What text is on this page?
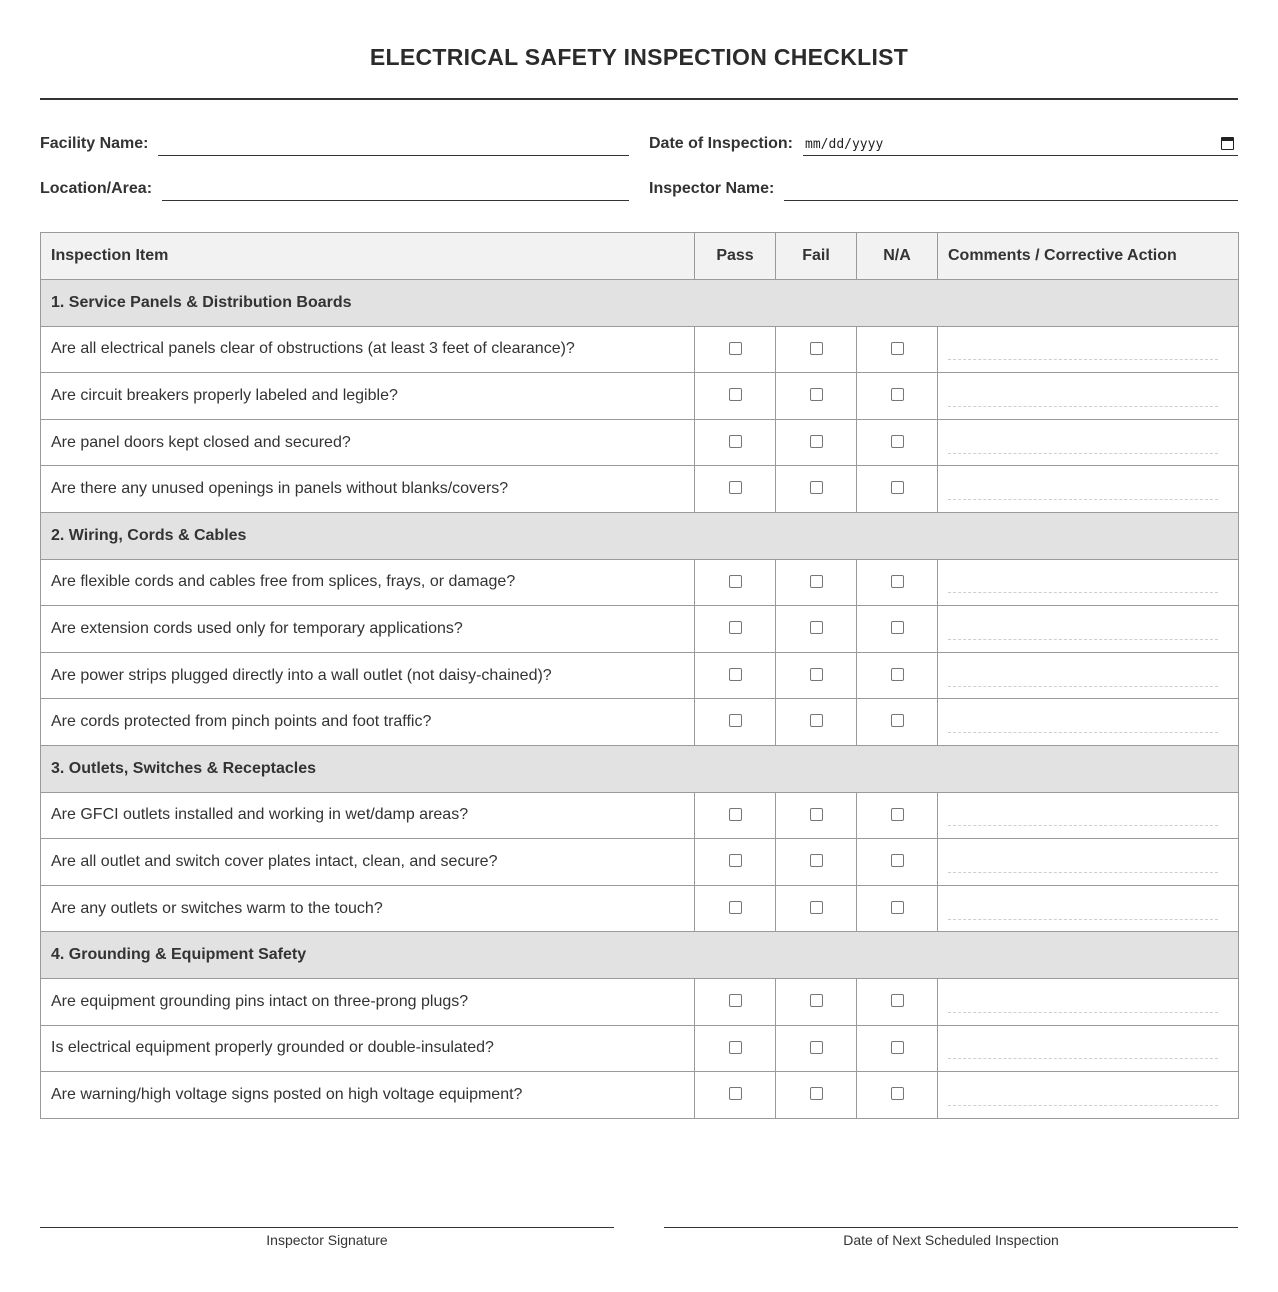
ELECTRICAL SAFETY INSPECTION CHECKLIST
Facility Name:	Date of Inspection: mm/dd/yyyy
Location/Area:	Inspector Name:
Inspection Item	Pass	Fail	N/A	Comments / Corrective Action
1. Service Panels & Distribution Boards				
Are all electrical panels clear of obstructions (at least 3 feet of clearance)?				

Are circuit breakers properly labeled and legible?				

Are panel doors kept closed and secured?				

Are there any unused openings in panels without blanks/covers?				

2. Wiring, Cords & Cables				
Are flexible cords and cables free from splices, frays, or damage?				

Are extension cords used only for temporary applications?				

Are power strips plugged directly into a wall outlet (not daisy-chained)?				

Are cords protected from pinch points and foot traffic?				

3. Outlets, Switches & Receptacles				
Are GFCI outlets installed and working in wet/damp areas?				

Are all outlet and switch cover plates intact, clean, and secure?				

Are any outlets or switches warm to the touch?				

4. Grounding & Equipment Safety				
Are equipment grounding pins intact on three-prong plugs?				

Is electrical equipment properly grounded or double-insulated?				

Are warning/high voltage signs posted on high voltage equipment?				
Inspector Signature	Date of Next Scheduled Inspection
